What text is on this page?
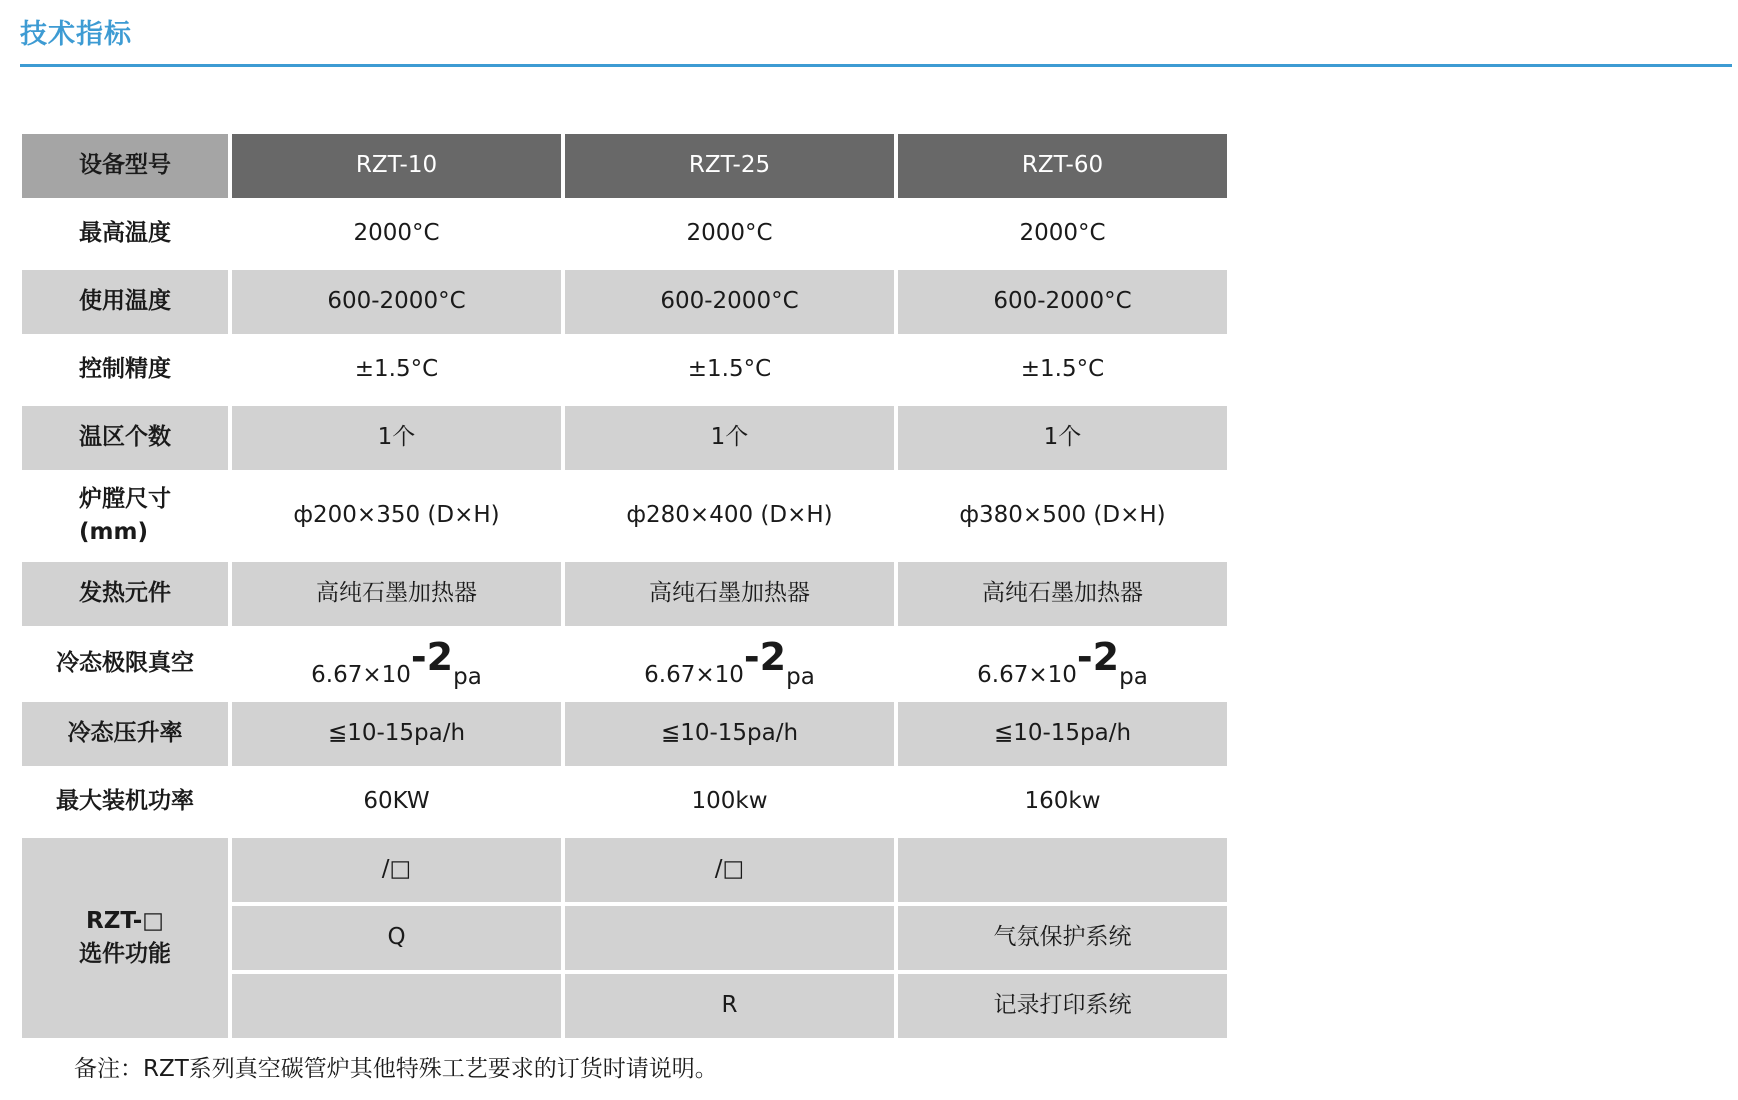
技术指标
设备型号	RZT-10	RZT-25	RZT-60
最高温度	2000°C	2000°C	2000°C
使用温度	600-2000°C	600-2000°C	600-2000°C
控制精度	±1.5°C	±1.5°C	±1.5°C
温区个数	1个	1个	1个
炉膛尺寸
(mm)	ф200×350 (D×H)	ф280×400 (D×H)	ф380×500 (D×H)
发热元件	高纯石墨加热器	高纯石墨加热器	高纯石墨加热器
冷态极限真空	6.67×10-2pa	6.67×10-2pa	6.67×10-2pa
冷态压升率	≦10-15pa/h	≦10-15pa/h	≦10-15pa/h
最大装机功率	60KW	100kw	160kw
RZT-□
选件功能	/□	/□	
	Q		气氛保护系统
		R	记录打印系统
备注：RZT系列真空碳管炉其他特殊工艺要求的订货时请说明。
